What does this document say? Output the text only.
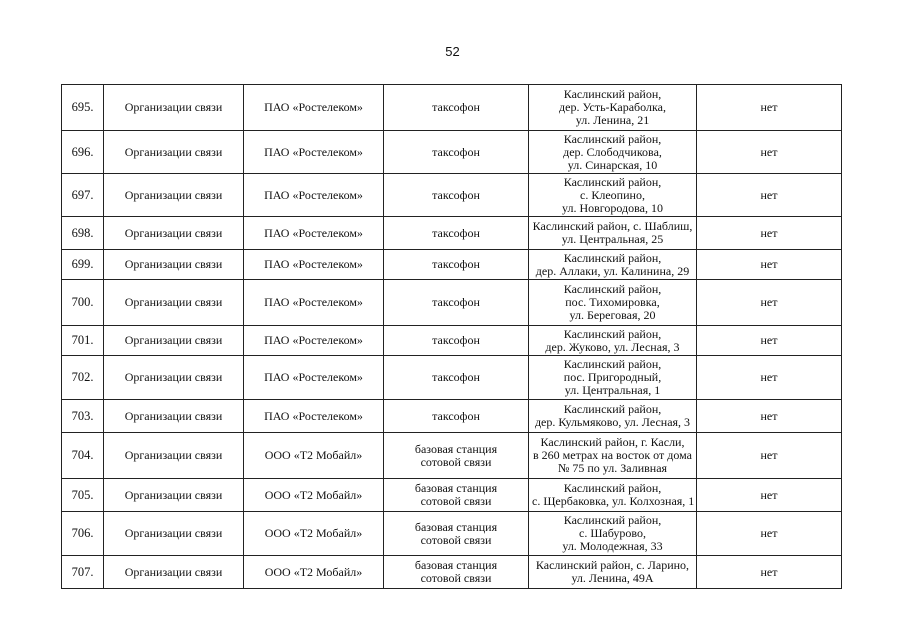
52
695.	Организации связи	ПАО «Ростелеком»	таксофон	Каслинский район,
дер. Усть-Караболка,
ул. Ленина, 21	нет
696.	Организации связи	ПАО «Ростелеком»	таксофон	Каслинский район,
дер. Слободчикова,
ул. Синарская, 10	нет
697.	Организации связи	ПАО «Ростелеком»	таксофон	Каслинский район,
с. Клеопино,
ул. Новгородова, 10	нет
698.	Организации связи	ПАО «Ростелеком»	таксофон	Каслинский район, с. Шаблиш,
ул. Центральная, 25	нет
699.	Организации связи	ПАО «Ростелеком»	таксофон	Каслинский район,
дер. Аллаки, ул. Калинина, 29	нет
700.	Организации связи	ПАО «Ростелеком»	таксофон	Каслинский район,
пос. Тихомировка,
ул. Береговая, 20	нет
701.	Организации связи	ПАО «Ростелеком»	таксофон	Каслинский район,
дер. Жуково, ул. Лесная, 3	нет
702.	Организации связи	ПАО «Ростелеком»	таксофон	Каслинский район,
пос. Пригородный,
ул. Центральная, 1	нет
703.	Организации связи	ПАО «Ростелеком»	таксофон	Каслинский район,
дер. Кульмяково, ул. Лесная, 3	нет
704.	Организации связи	ООО «Т2 Мобайл»	базовая станция
сотовой связи	Каслинский район, г. Касли,
в 260 метрах на восток от дома
№ 75 по ул. Заливная	нет
705.	Организации связи	ООО «Т2 Мобайл»	базовая станция
сотовой связи	Каслинский район,
с. Щербаковка, ул. Колхозная, 1	нет
706.	Организации связи	ООО «Т2 Мобайл»	базовая станция
сотовой связи	Каслинский район,
с. Шабурово,
ул. Молодежная, 33	нет
707.	Организации связи	ООО «Т2 Мобайл»	базовая станция
сотовой связи	Каслинский район, с. Ларино,
ул. Ленина, 49А	нет
